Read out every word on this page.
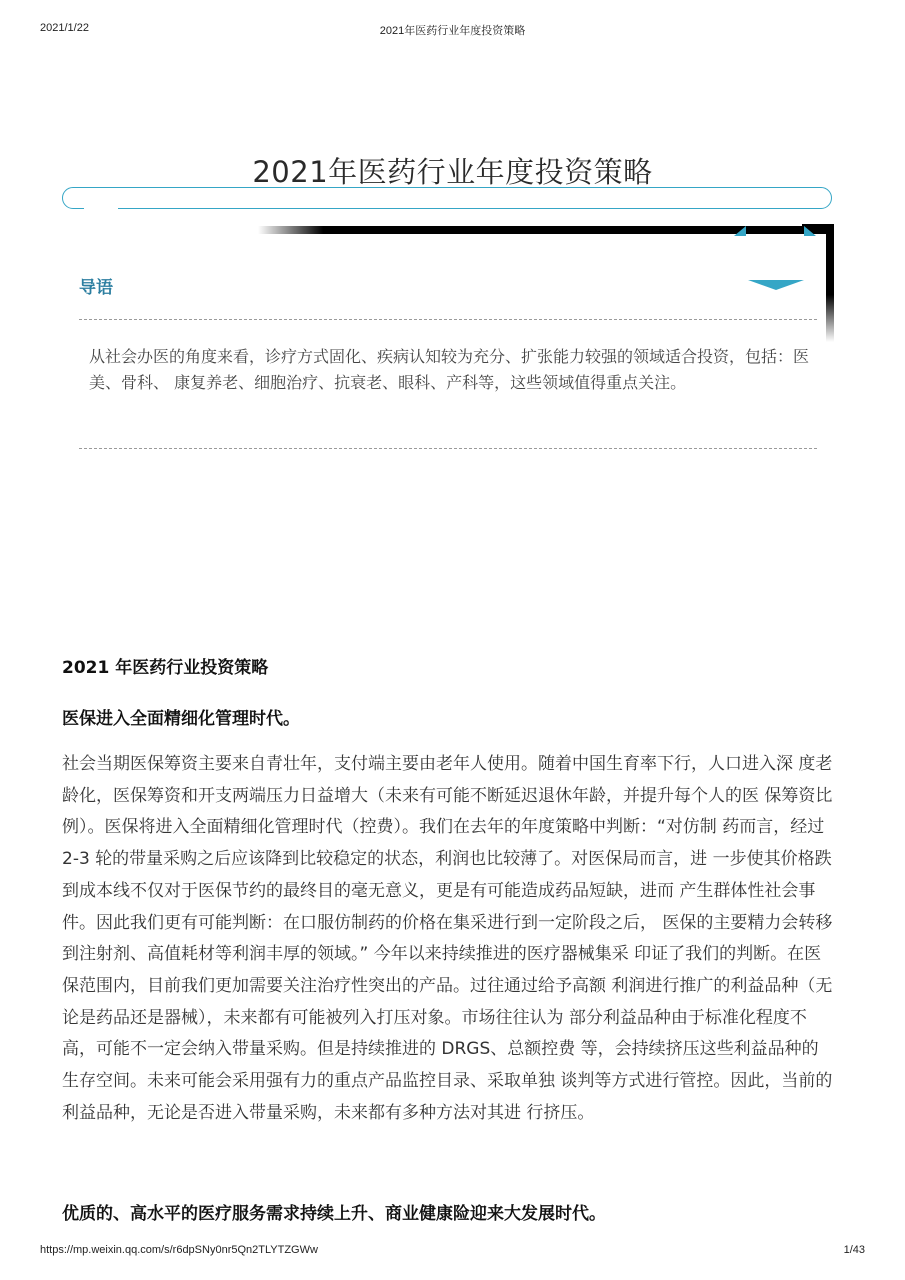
2021/1/22	2021年医药行业年度投资策略
2021年医药行业年度投资策略
导语

从社会办医的角度来看，诊疗方式固化、疾病认知较为充分、扩张能力较强的领域适合投资，包括：医美、骨科、 康复养老、细胞治疗、抗衰老、眼科、产科等，这些领域值得重点关注。

2021 年医药行业投资策略
医保进入全面精细化管理时代。

社会当期医保筹资主要来自青壮年，支付端主要由老年人使用。随着中国生育率下行，人口进入深 度老龄化，医保筹资和开支两端压力日益增大（未来有可能不断延迟退休年龄，并提升每个人的医 保筹资比例）。医保将进入全面精细化管理时代（控费）。我们在去年的年度策略中判断：“对仿制 药而言，经过 2-3 轮的带量采购之后应该降到比较稳定的状态，利润也比较薄了。对医保局而言，进 一步使其价格跌到成本线不仅对于医保节约的最终目的毫无意义，更是有可能造成药品短缺，进而 产生群体性社会事件。因此我们更有可能判断：在口服仿制药的价格在集采进行到一定阶段之后， 医保的主要精力会转移到注射剂、高值耗材等利润丰厚的领域。” 今年以来持续推进的医疗器械集采 印证了我们的判断。在医保范围内，目前我们更加需要关注治疗性突出的产品。过往通过给予高额 利润进行推广的利益品种（无论是药品还是器械），未来都有可能被列入打压对象。市场往往认为 部分利益品种由于标准化程度不高，可能不一定会纳入带量采购。但是持续推进的 DRGS、总额控费 等，会持续挤压这些利益品种的生存空间。未来可能会采用强有力的重点产品监控目录、采取单独 谈判等方式进行管控。因此，当前的利益品种，无论是否进入带量采购，未来都有多种方法对其进 行挤压。

优质的、高水平的医疗服务需求持续上升、商业健康险迎来大发展时代。
https://mp.weixin.qq.com/s/r6dpSNy0nr5Qn2TLYTZGWw	1/43
